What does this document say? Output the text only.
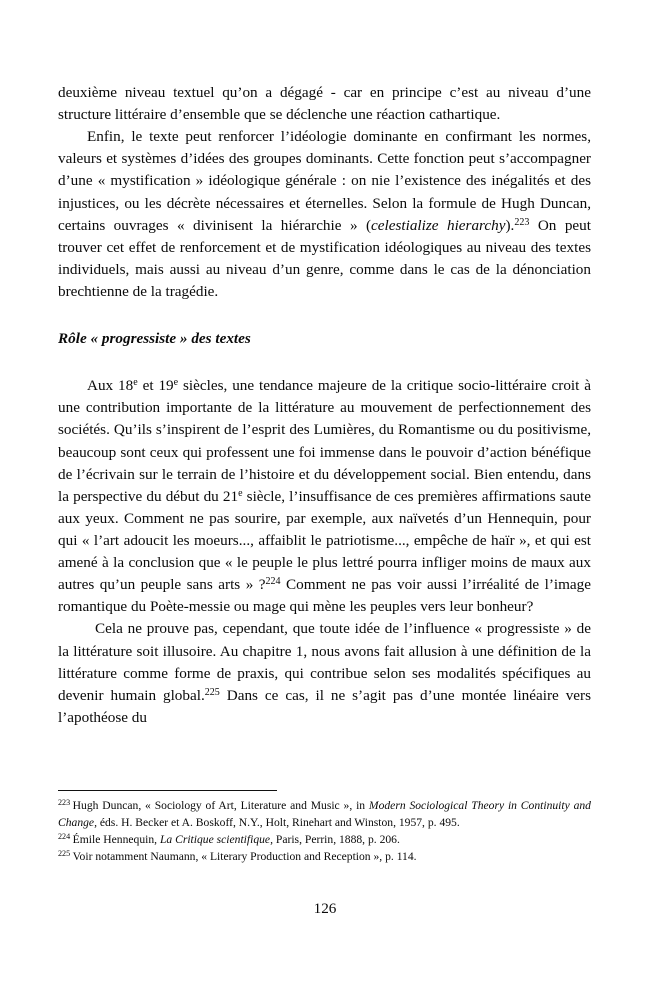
deuxième niveau textuel qu’on a dégagé - car en principe c’est au niveau d’une structure littéraire d’ensemble que se déclenche une réaction cathartique.

Enfin, le texte peut renforcer l’idéologie dominante en confirmant les normes, valeurs et systèmes d’idées des groupes dominants. Cette fonction peut s’accompagner d’une « mystification » idéologique générale : on nie l’existence des inégalités et des injustices, ou les décrète nécessaires et éternelles. Selon la formule de Hugh Duncan, certains ouvrages « divinisent la hiérarchie » (celestialize hierarchy).$^{223}$ On peut trouver cet effet de renforcement et de mystification idéologiques au niveau des textes individuels, mais aussi au niveau d’un genre, comme dans le cas de la dénonciation brechtienne de la tragédie.

Rôle « progressiste » des textes

Aux 18e et 19e siècles, une tendance majeure de la critique socio-littéraire croit à une contribution importante de la littérature au mouvement de perfectionnement des sociétés. Qu’ils s’inspirent de l’esprit des Lumières, du Romantisme ou du positivisme, beaucoup sont ceux qui professent une foi immense dans le pouvoir d’action bénéfique de l’écrivain sur le terrain de l’histoire et du développement social. Bien entendu, dans la perspective du début du 21e siècle, l’insuffisance de ces premières affirmations saute aux yeux. Comment ne pas sourire, par exemple, aux naïvetés d’un Hennequin, pour qui « l’art adoucit les moeurs..., affaiblit le patriotisme..., empêche de haïr », et qui est amené à la conclusion que « le peuple le plus lettré pourra infliger moins de maux aux autres qu’un peuple sans arts » ?$^{224}$ Comment ne pas voir aussi l’irréalité de l’image romantique du Poète-messie ou mage qui mène les peuples vers leur bonheur?

Cela ne prouve pas, cependant, que toute idée de l’influence « progressiste » de la littérature soit illusoire. Au chapitre 1, nous avons fait allusion à une définition de la littérature comme forme de praxis, qui contribue selon ses modalités spécifiques au devenir humain global.$^{225}$ Dans ce cas, il ne s’agit pas d’une montée linéaire vers l’apothéose du

$^{223}$ Hugh Duncan, « Sociology of Art, Literature and Music », in Modern Sociological Theory in Continuity and Change, éds. H. Becker et A. Boskoff, N.Y., Holt, Rinehart and Winston, 1957, p. 495.

$^{224}$ Émile Hennequin, La Critique scientifique, Paris, Perrin, 1888, p. 206.

$^{225}$ Voir notamment Naumann, « Literary Production and Reception », p. 114.

126
